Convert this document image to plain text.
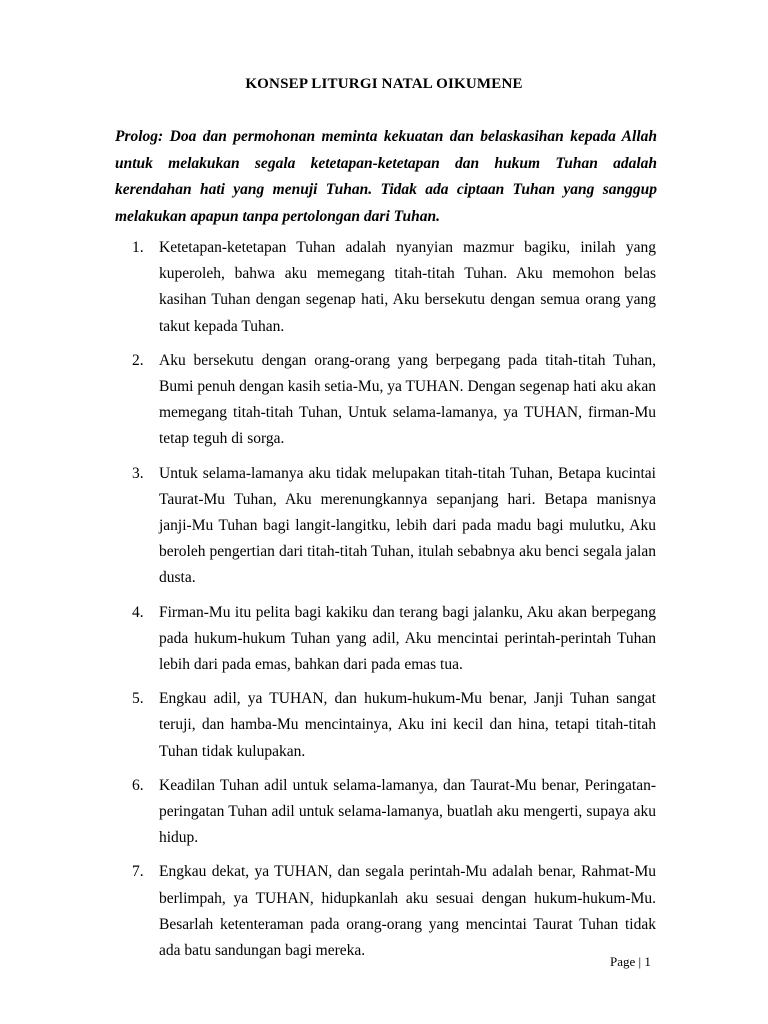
KONSEP LITURGI NATAL OIKUMENE
Prolog: Doa dan permohonan meminta kekuatan dan belaskasihan kepada Allah untuk melakukan segala ketetapan-ketetapan dan hukum Tuhan adalah kerendahan hati yang menuji Tuhan. Tidak ada ciptaan Tuhan yang sanggup melakukan apapun tanpa pertolongan dari Tuhan.
1. Ketetapan-ketetapan Tuhan adalah nyanyian mazmur bagiku, inilah yang kuperoleh, bahwa aku memegang titah-titah Tuhan. Aku memohon belas kasihan Tuhan dengan segenap hati, Aku bersekutu dengan semua orang yang takut kepada Tuhan.
2. Aku bersekutu dengan orang-orang yang berpegang pada titah-titah Tuhan, Bumi penuh dengan kasih setia-Mu, ya TUHAN. Dengan segenap hati aku akan memegang titah-titah Tuhan, Untuk selama-lamanya, ya TUHAN, firman-Mu tetap teguh di sorga.
3. Untuk selama-lamanya aku tidak melupakan titah-titah Tuhan, Betapa kucintai Taurat-Mu Tuhan, Aku merenungkannya sepanjang hari. Betapa manisnya janji-Mu Tuhan bagi langit-langitku, lebih dari pada madu bagi mulutku, Aku beroleh pengertian dari titah-titah Tuhan, itulah sebabnya aku benci segala jalan dusta.
4. Firman-Mu itu pelita bagi kakiku dan terang bagi jalanku, Aku akan berpegang pada hukum-hukum Tuhan yang adil, Aku mencintai perintah-perintah Tuhan lebih dari pada emas, bahkan dari pada emas tua.
5. Engkau adil, ya TUHAN, dan hukum-hukum-Mu benar, Janji Tuhan sangat teruji, dan hamba-Mu mencintainya, Aku ini kecil dan hina, tetapi titah-titah Tuhan tidak kulupakan.
6. Keadilan Tuhan adil untuk selama-lamanya, dan Taurat-Mu benar, Peringatan-peringatan Tuhan adil untuk selama-lamanya, buatlah aku mengerti, supaya aku hidup.
7. Engkau dekat, ya TUHAN, dan segala perintah-Mu adalah benar, Rahmat-Mu berlimpah, ya TUHAN, hidupkanlah aku sesuai dengan hukum-hukum-Mu. Besarlah ketenteraman pada orang-orang yang mencintai Taurat Tuhan tidak ada batu sandungan bagi mereka.
Page | 1
